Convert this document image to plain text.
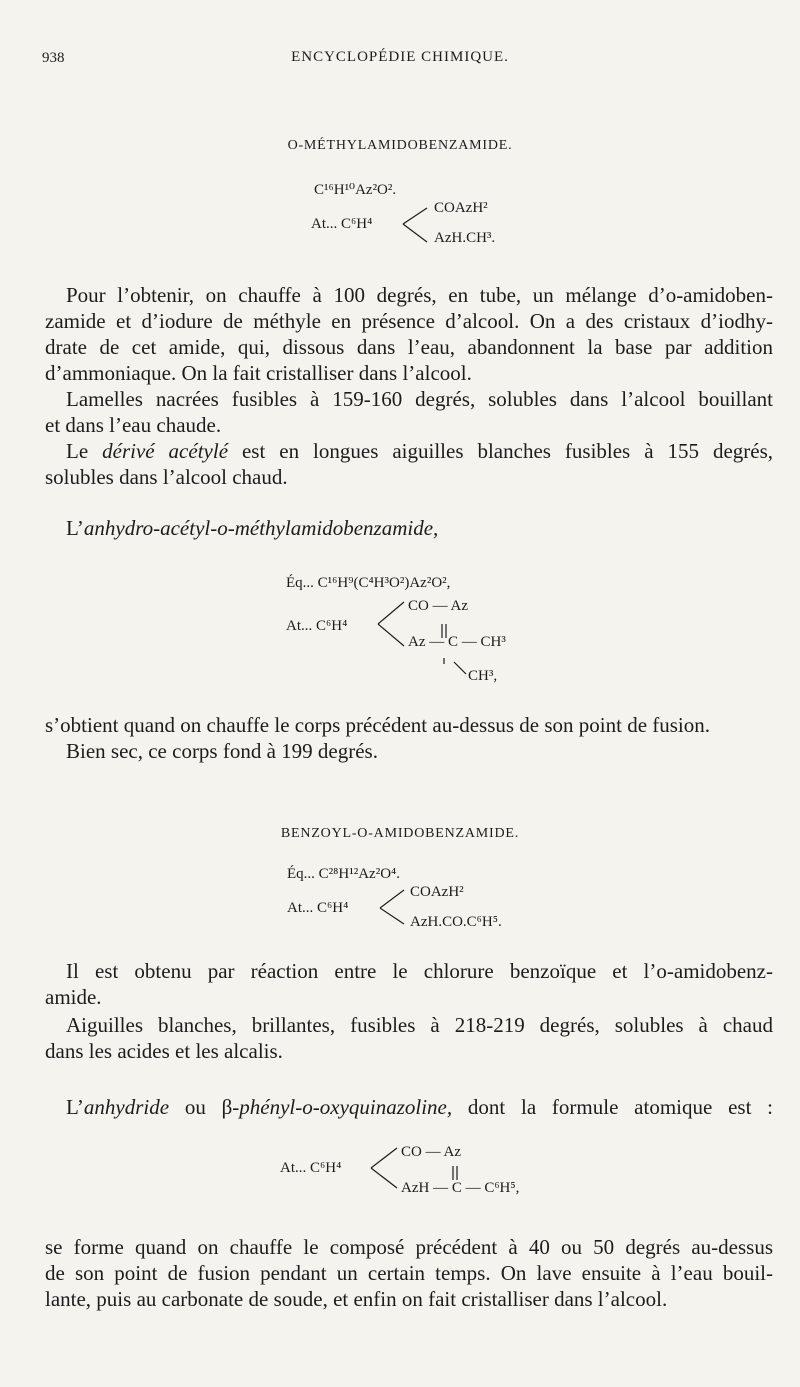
938	ENCYCLOPÉDIE CHIMIQUE.
O-MÉTHYLAMIDOBENZAMIDE.
C¹⁶H¹⁰Az²O².
At... C⁶H⁴
COAzH²
AzH.CH³.
Pour l’obtenir, on chauffe à 100 degrés, en tube, un mélange d’o-amidoben-
zamide et d’iodure de méthyle en présence d’alcool. On a des cristaux d’iodhy-
drate de cet amide, qui, dissous dans l’eau, abandonnent la base par addition
d’ammoniaque. On la fait cristalliser dans l’alcool.
Lamelles nacrées fusibles à 159-160 degrés, solubles dans l’alcool bouillant
et dans l’eau chaude.
Le dérivé acétylé est en longues aiguilles blanches fusibles à 155 degrés,
solubles dans l’alcool chaud.
L’anhydro-acétyl-o-méthylamidobenzamide,
Éq... C¹⁶H⁹(C⁴H³O²)Az²O²,
At... C⁶H⁴
CO — Az
Az — C — CH³
CH³,
s’obtient quand on chauffe le corps précédent au-dessus de son point de fusion.
Bien sec, ce corps fond à 199 degrés.
BENZOYL-O-AMIDOBENZAMIDE.
Éq... C²⁸H¹²Az²O⁴.
At... C⁶H⁴
COAzH²
AzH.CO.C⁶H⁵.
Il est obtenu par réaction entre le chlorure benzoïque et l’o-amidobenz-
amide.
Aiguilles blanches, brillantes, fusibles à 218-219 degrés, solubles à chaud
dans les acides et les alcalis.
L’anhydride ou β-phényl-o-oxyquinazoline, dont la formule atomique est :
At... C⁶H⁴
CO — Az
AzH — C — C⁶H⁵,
se forme quand on chauffe le composé précédent à 40 ou 50 degrés au-dessus
de son point de fusion pendant un certain temps. On lave ensuite à l’eau bouil-
lante, puis au carbonate de soude, et enfin on fait cristalliser dans l’alcool.
